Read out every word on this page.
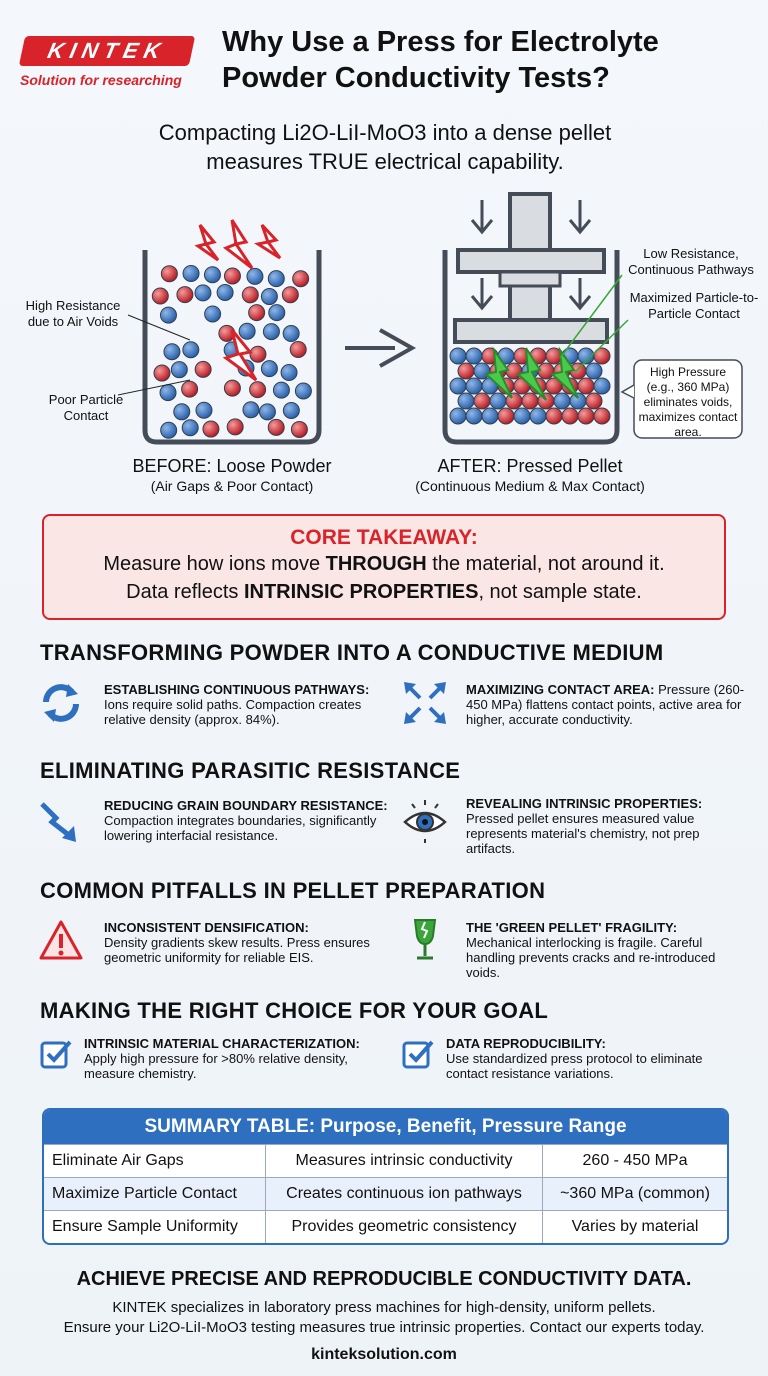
KINTEK
Solution for researching
Why Use a Press for Electrolyte
Powder Conductivity Tests?
Compacting Li2O-LiI-MoO3 into a dense pellet
measures TRUE electrical capability.
High Resistance due to Air Voids
Poor Particle Contact
Low Resistance, Continuous Pathways
Maximized Particle-to-Particle Contact
High Pressure (e.g., 360 MPa) eliminates voids, maximizes contact area.
BEFORE: Loose Powder
(Air Gaps & Poor Contact)
AFTER: Pressed Pellet
(Continuous Medium & Max Contact)
CORE TAKEAWAY:
Measure how ions move THROUGH the material, not around it.
Data reflects INTRINSIC PROPERTIES, not sample state.
TRANSFORMING POWDER INTO A CONDUCTIVE MEDIUM
ESTABLISHING CONTINUOUS PATHWAYS:
Ions require solid paths. Compaction creates relative density (approx. 84%).
MAXIMIZING CONTACT AREA: Pressure (260-450 MPa) flattens contact points, active area for higher, accurate conductivity.
ELIMINATING PARASITIC RESISTANCE
REDUCING GRAIN BOUNDARY RESISTANCE:
Compaction integrates boundaries, significantly lowering interfacial resistance.
REVEALING INTRINSIC PROPERTIES:
Pressed pellet ensures measured value represents material's chemistry, not prep artifacts.
COMMON PITFALLS IN PELLET PREPARATION
INCONSISTENT DENSIFICATION:
Density gradients skew results. Press ensures geometric uniformity for reliable EIS.
THE 'GREEN PELLET' FRAGILITY:
Mechanical interlocking is fragile. Careful handling prevents cracks and re-introduced voids.
MAKING THE RIGHT CHOICE FOR YOUR GOAL
INTRINSIC MATERIAL CHARACTERIZATION:
Apply high pressure for >80% relative density, measure chemistry.
DATA REPRODUCIBILITY:
Use standardized press protocol to eliminate contact resistance variations.
SUMMARY TABLE: Purpose, Benefit, Pressure Range
Eliminate Air Gaps	Measures intrinsic conductivity	260 - 450 MPa
Maximize Particle Contact	Creates continuous ion pathways	~360 MPa (common)
Ensure Sample Uniformity	Provides geometric consistency	Varies by material
ACHIEVE PRECISE AND REPRODUCIBLE CONDUCTIVITY DATA.
KINTEK specializes in laboratory press machines for high-density, uniform pellets.
Ensure your Li2O-LiI-MoO3 testing measures true intrinsic properties. Contact our experts today.
kinteksolution.com
